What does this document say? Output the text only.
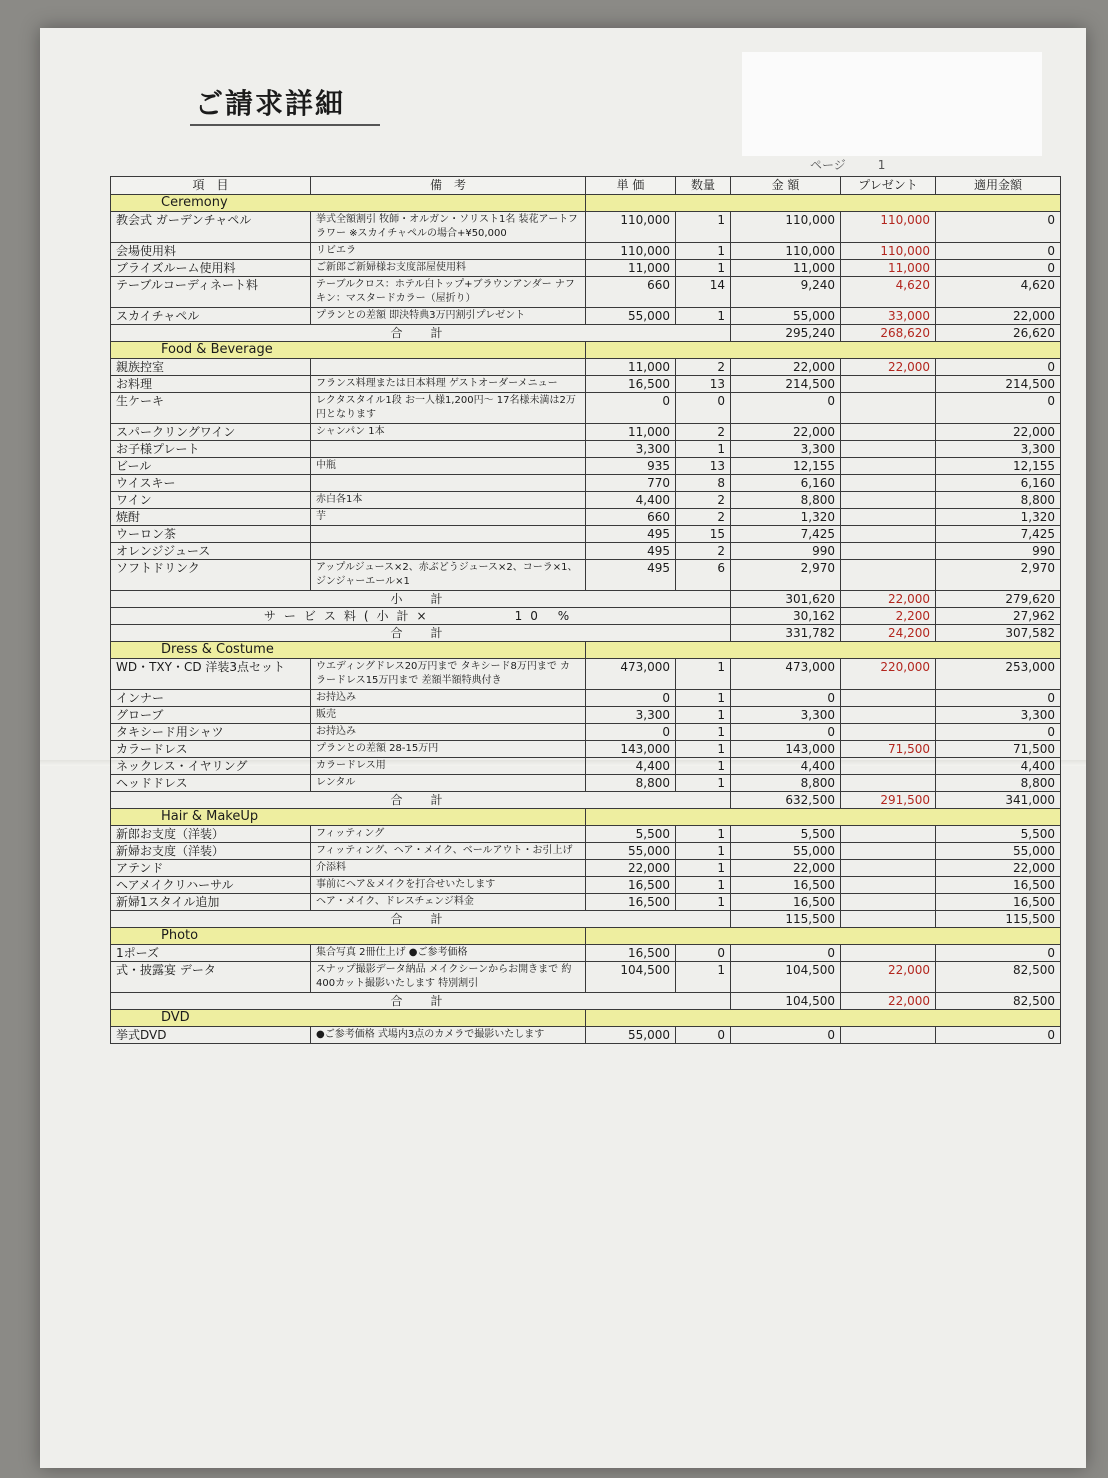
ご請求詳細
ページ	1
項　目	備　考	単 価	数量	金 額	プレゼント	適用金額
Ceremony						
教会式 ガーデンチャペル	挙式全額割引 牧師・オルガン・ソリスト1名 装花アートフラワー ※スカイチャペルの場合+¥50,000	110,000	1	110,000	110,000	0
会場使用料	リビエラ	110,000	1	110,000	110,000	0
ブライズルーム使用料	ご新郎ご新婦様お支度部屋使用料	11,000	1	11,000	11,000	0
テーブルコーディネート料	テーブルクロス：ホテル白トップ+ブラウンアンダー ナフキン：マスタードカラー（屋折り）	660	14	9,240	4,620	4,620
スカイチャペル	プランとの差額 即決特典3万円割引プレゼント	55,000	1	55,000	33,000	22,000
合　計				295,240	268,620	26,620
Food & Beverage						
親族控室		11,000	2	22,000	22,000	0
お料理	フランス料理または日本料理 ゲストオーダーメニュー	16,500	13	214,500		214,500
生ケーキ	レクタスタイル1段 お一人様1,200円～ 17名様未満は2万円となります	0	0	0		0
スパークリングワイン	シャンパン 1本	11,000	2	22,000		22,000
お子様プレート		3,300	1	3,300		3,300
ビール	中瓶	935	13	12,155		12,155
ウイスキー		770	8	6,160		6,160
ワイン	赤白各1本	4,400	2	8,800		8,800
焼酎	芋	660	2	1,320		1,320
ウーロン茶		495	15	7,425		7,425
オレンジジュース		495	2	990		990
ソフトドリンク	アップルジュース×2、赤ぶどうジュース×2、コーラ×1、ジンジャーエール×1	495	6	2,970		2,970
小　計				301,620	22,000	279,620
サービス料(小計×　　　　10 %				30,162	2,200	27,962
合　計				331,782	24,200	307,582
Dress & Costume						
WD・TXY・CD 洋装3点セット	ウエディングドレス20万円まで タキシード8万円まで カラードレス15万円まで 差額半額特典付き	473,000	1	473,000	220,000	253,000
インナー	お持込み	0	1	0		0
グローブ	販売	3,300	1	3,300		3,300
タキシード用シャツ	お持込み	0	1	0		0
カラードレス	プランとの差額 28-15万円	143,000	1	143,000	71,500	71,500
ネックレス・イヤリング	カラードレス用	4,400	1	4,400		4,400
ヘッドドレス	レンタル	8,800	1	8,800		8,800
合　計				632,500	291,500	341,000
Hair & MakeUp						
新郎お支度（洋装）	フィッティング	5,500	1	5,500		5,500
新婦お支度（洋装）	フィッティング、ヘア・メイク、ベールアウト・お引上げ	55,000	1	55,000		55,000
アテンド	介添料	22,000	1	22,000		22,000
ヘアメイクリハーサル	事前にヘア＆メイクを打合せいたします	16,500	1	16,500		16,500
新婦1スタイル追加	ヘア・メイク、ドレスチェンジ料金	16,500	1	16,500		16,500
合　計				115,500		115,500
Photo						
1ポーズ	集合写真 2冊仕上げ ●ご参考価格	16,500	0	0		0
式・披露宴 データ	スナップ撮影データ納品 メイクシーンからお開きまで 約400カット撮影いたします 特別割引	104,500	1	104,500	22,000	82,500
合　計				104,500	22,000	82,500
DVD						
挙式DVD	●ご参考価格 式場内3点のカメラで撮影いたします	55,000	0	0		0
